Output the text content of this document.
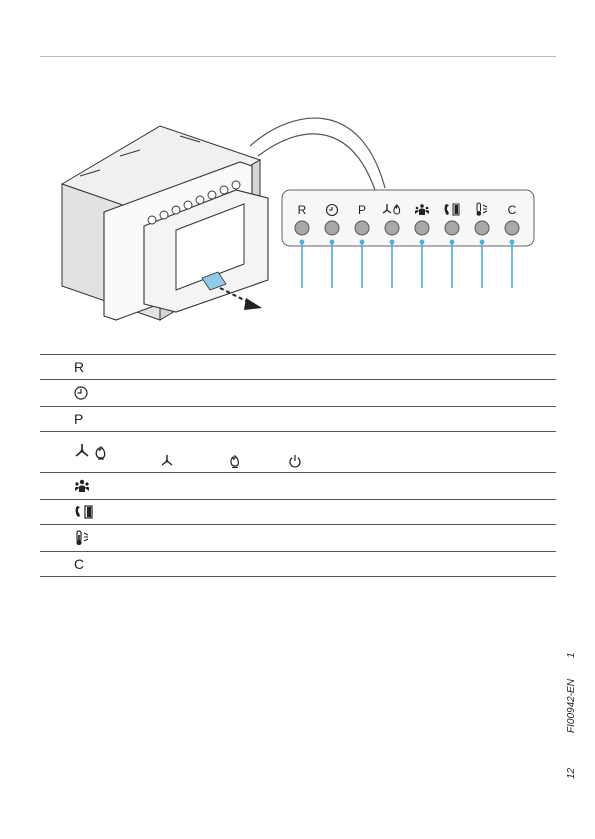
R	P	C
R
P
C
1
FI00942-EN
12
